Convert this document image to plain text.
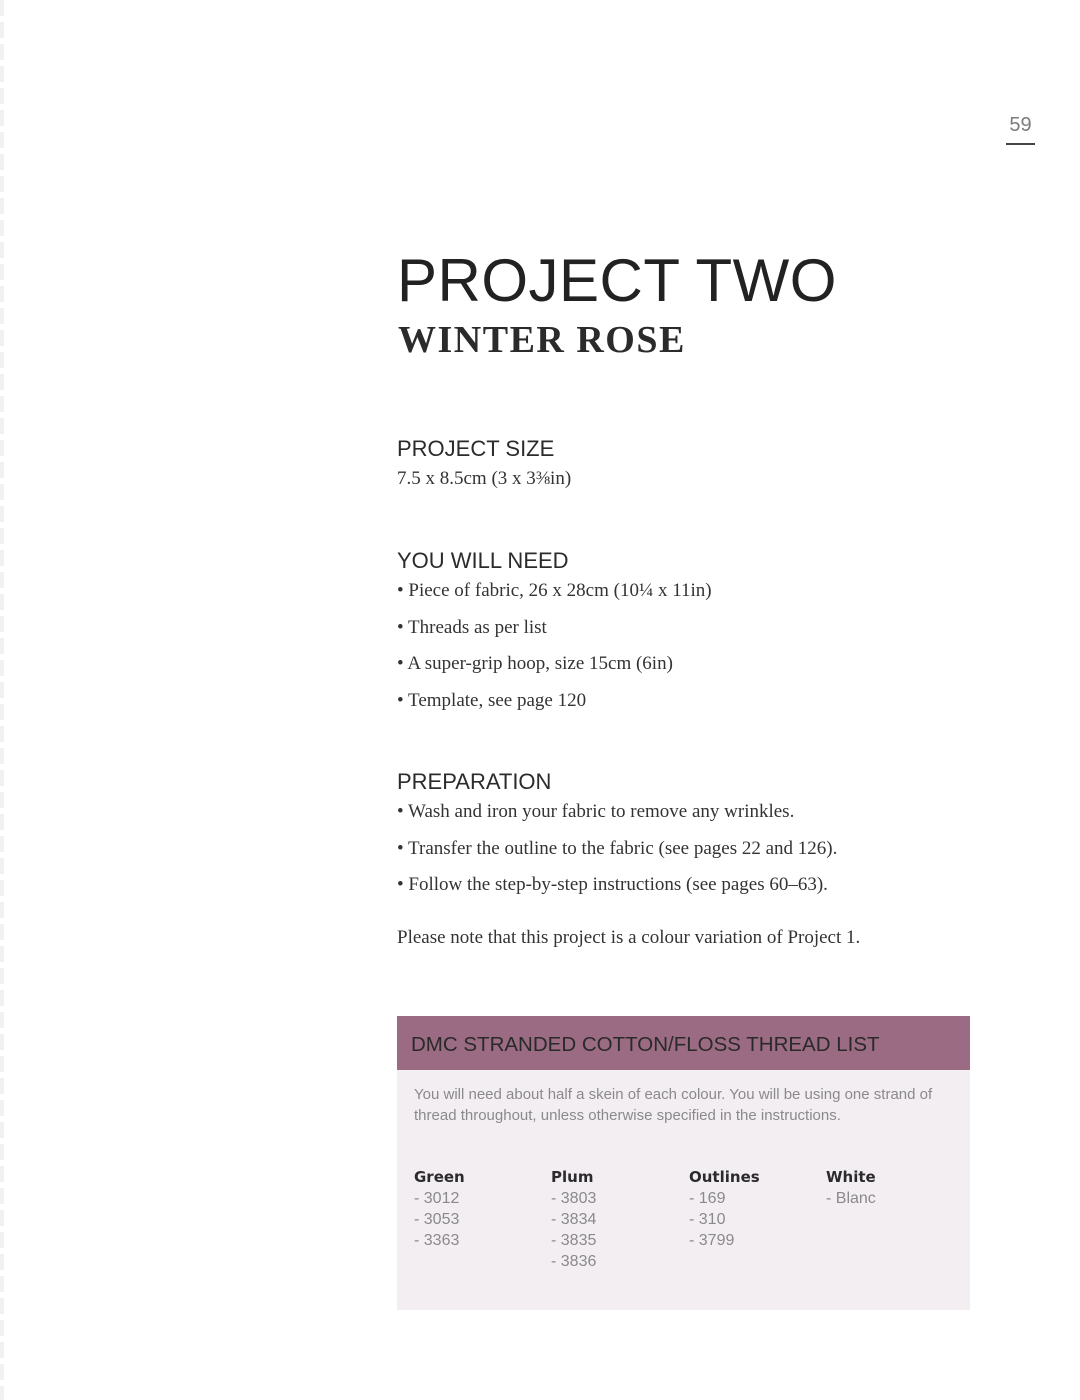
59
PROJECT TWO
WINTER ROSE
PROJECT SIZE
7.5 x 8.5cm (3 x 3⅜in)
YOU WILL NEED
• Piece of fabric, 26 x 28cm (10¼ x 11in)
• Threads as per list
• A super-grip hoop, size 15cm (6in)
• Template, see page 120
PREPARATION
• Wash and iron your fabric to remove any wrinkles.
• Transfer the outline to the fabric (see pages 22 and 126).
• Follow the step-by-step instructions (see pages 60–63).
Please note that this project is a colour variation of Project 1.
DMC STRANDED COTTON/FLOSS THREAD LIST
You will need about half a skein of each colour. You will be using one strand of thread throughout, unless otherwise specified in the instructions.
Green
- 3012
- 3053
- 3363
Plum
- 3803
- 3834
- 3835
- 3836
Outlines
- 169
- 310
- 3799
White
- Blanc
